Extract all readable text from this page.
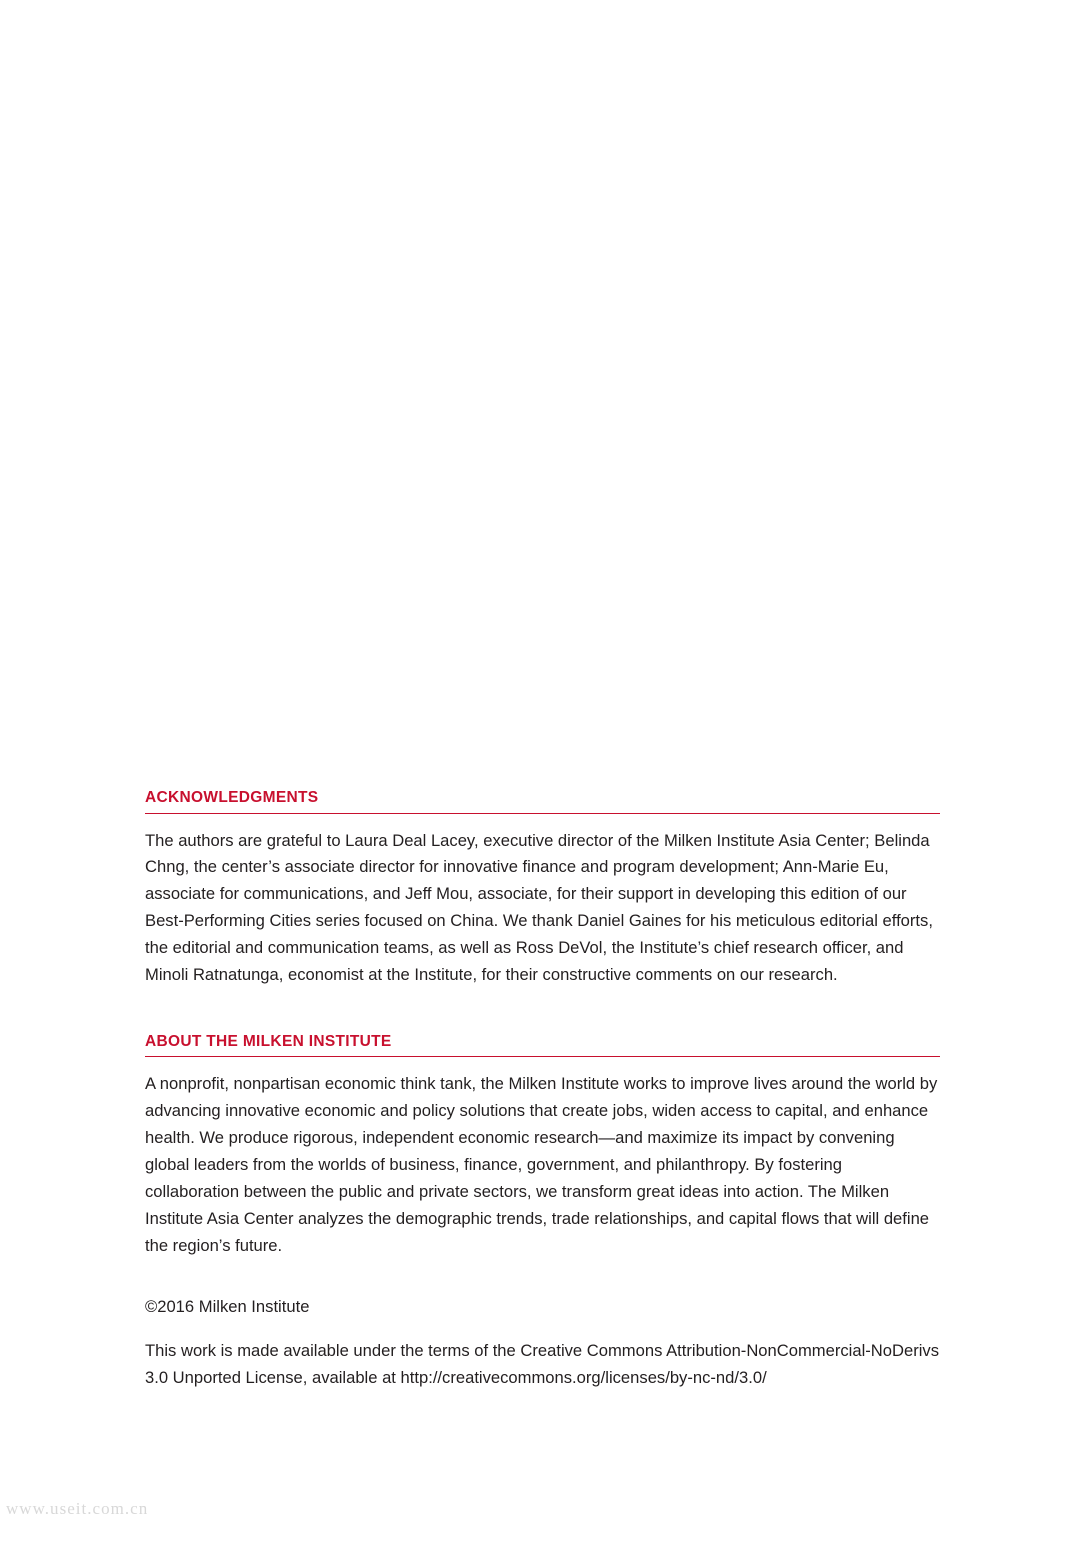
ACKNOWLEDGMENTS

The authors are grateful to Laura Deal Lacey, executive director of the Milken Institute Asia Center; Belinda Chng, the center’s associate director for innovative finance and program development; Ann-Marie Eu, associate for communications, and Jeff Mou, associate, for their support in developing this edition of our Best-Performing Cities series focused on China. We thank Daniel Gaines for his meticulous editorial efforts, the editorial and communication teams, as well as Ross DeVol, the Institute’s chief research officer, and Minoli Ratnatunga, economist at the Institute, for their constructive comments on our research.

ABOUT THE MILKEN INSTITUTE

A nonprofit, nonpartisan economic think tank, the Milken Institute works to improve lives around the world by advancing innovative economic and policy solutions that create jobs, widen access to capital, and enhance health. We produce rigorous, independent economic research—and maximize its impact by convening global leaders from the worlds of business, finance, government, and philanthropy. By fostering collaboration between the public and private sectors, we transform great ideas into action. The Milken Institute Asia Center analyzes the demographic trends, trade relationships, and capital flows that will define the region’s future.

©2016 Milken Institute

This work is made available under the terms of the Creative Commons Attribution-NonCommercial-NoDerivs 3.0 Unported License, available at http://creativecommons.org/licenses/by-nc-nd/3.0/

www.useit.com.cn
